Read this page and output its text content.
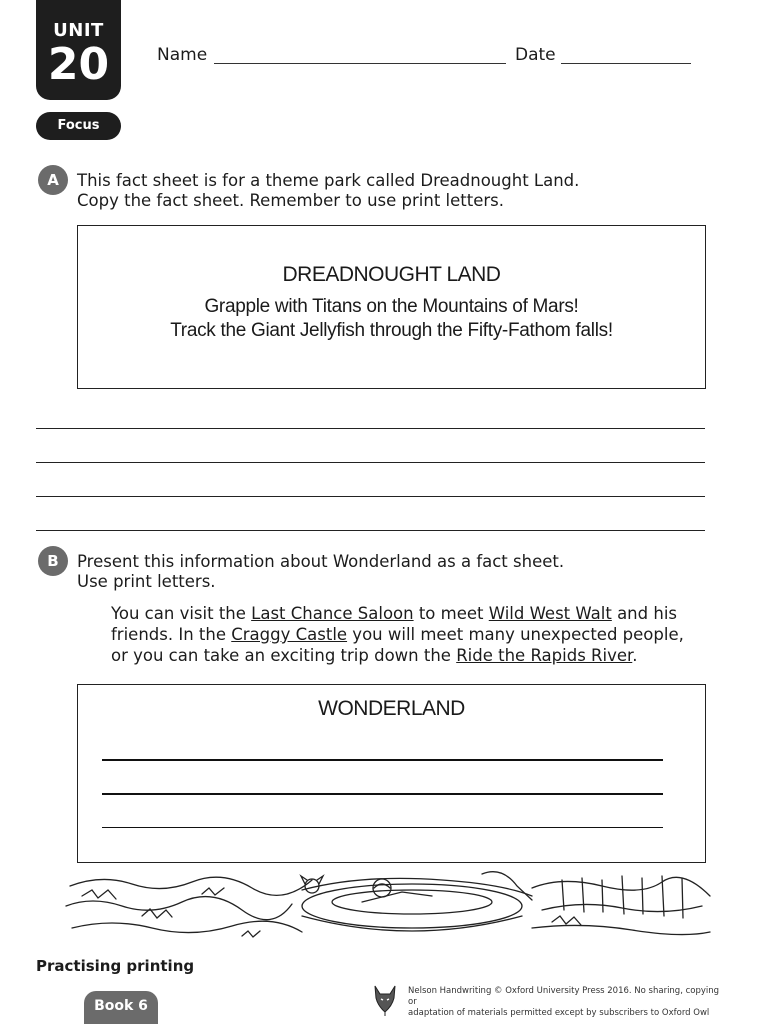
UNIT
20
Focus
Name	Date
A	This fact sheet is for a theme park called Dreadnought Land.
Copy the fact sheet. Remember to use print letters.
DREADNOUGHT LAND
Grapple with Titans on the Mountains of Mars!
Track the Giant Jellyfish through the Fifty-Fathom falls!
B	Present this information about Wonderland as a fact sheet.
Use print letters.
You can visit the Last Chance Saloon to meet Wild West Walt and his
friends. In the Craggy Castle you will meet many unexpected people,
or you can take an exciting trip down the Ride the Rapids River.
WONDERLAND
Practising printing
Book 6
Nelson Handwriting © Oxford University Press 2016. No sharing, copying or
adaptation of materials permitted except by subscribers to Oxford Owl
